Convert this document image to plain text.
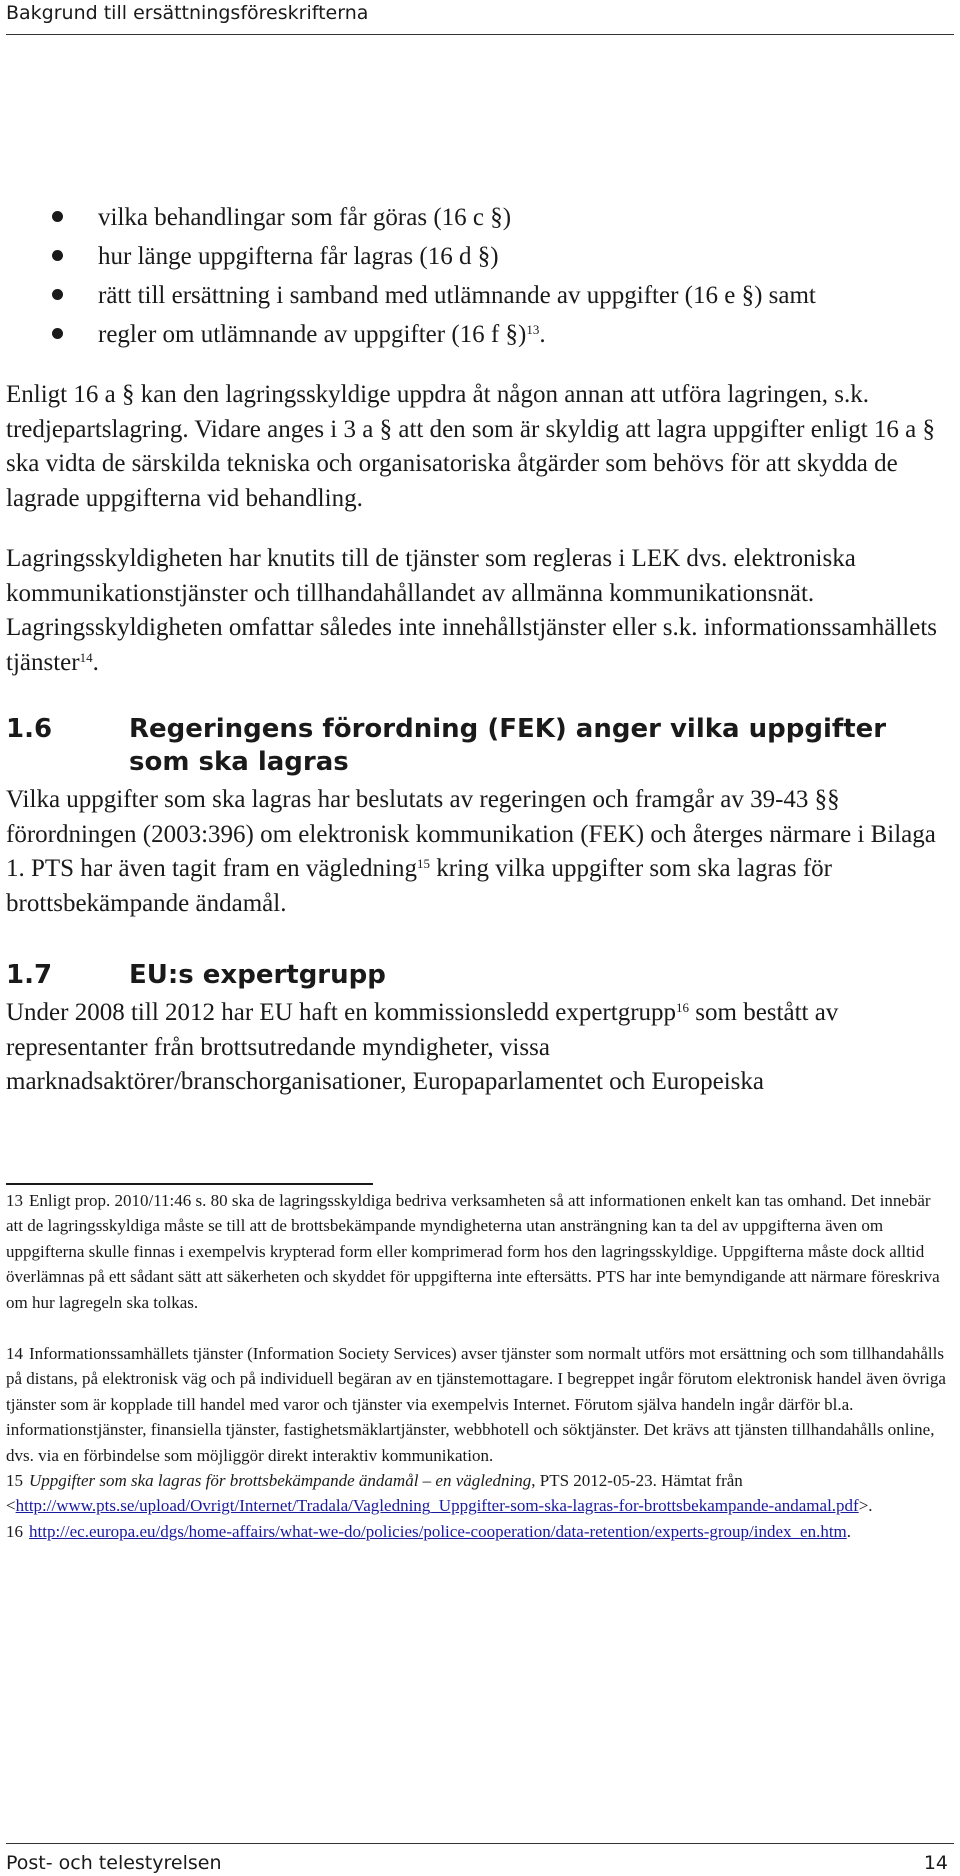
Bakgrund till ersättningsföreskrifterna
vilka behandlingar som får göras (16 c §)
hur länge uppgifterna får lagras (16 d §)
rätt till ersättning i samband med utlämnande av uppgifter (16 e §) samt
regler om utlämnande av uppgifter (16 f §)$^{13}$.

Enligt 16 a § kan den lagringsskyldige uppdra åt någon annan att utföra lagringen, s.k. tredjepartslagring. Vidare anges i 3 a § att den som är skyldig att lagra uppgifter enligt 16 a § ska vidta de särskilda tekniska och organisatoriska åtgärder som behövs för att skydda de lagrade uppgifterna vid behandling.

Lagringsskyldigheten har knutits till de tjänster som regleras i LEK dvs. elektroniska kommunikationstjänster och tillhandahållandet av allmänna kommunikationsnät. Lagringsskyldigheten omfattar således inte innehållstjänster eller s.k. informationssamhällets tjänster$^{14}$.

1.6	Regeringens förordning (FEK) anger vilka uppgifter som ska lagras

Vilka uppgifter som ska lagras har beslutats av regeringen och framgår av 39-43 §§ förordningen (2003:396) om elektronisk kommunikation (FEK) och återges närmare i Bilaga 1. PTS har även tagit fram en vägledning$^{15}$ kring vilka uppgifter som ska lagras för brottsbekämpande ändamål.

1.7	EU:s expertgrupp

Under 2008 till 2012 har EU haft en kommissionsledd expertgrupp$^{16}$ som bestått av representanter från brottsutredande myndigheter, vissa marknadsaktörer/branschorganisationer, Europaparlamentet och Europeiska

13 Enligt prop. 2010/11:46 s. 80 ska de lagringsskyldiga bedriva verksamheten så att informationen enkelt kan tas omhand. Det innebär att de lagringsskyldiga måste se till att de brottsbekämpande myndigheterna utan ansträngning kan ta del av uppgifterna även om uppgifterna skulle finnas i exempelvis krypterad form eller komprimerad form hos den lagringsskyldige. Uppgifterna måste dock alltid överlämnas på ett sådant sätt att säkerheten och skyddet för uppgifterna inte eftersätts. PTS har inte bemyndigande att närmare föreskriva om hur lagregeln ska tolkas.

14 Informationssamhällets tjänster (Information Society Services) avser tjänster som normalt utförs mot ersättning och som tillhandahålls på distans, på elektronisk väg och på individuell begäran av en tjänstemottagare. I begreppet ingår förutom elektronisk handel även övriga tjänster som är kopplade till handel med varor och tjänster via exempelvis Internet. Förutom själva handeln ingår därför bl.a. informationstjänster, finansiella tjänster, fastighetsmäklartjänster, webbhotell och söktjänster. Det krävs att tjänsten tillhandahålls online, dvs. via en förbindelse som möjliggör direkt interaktiv kommunikation.

15 Uppgifter som ska lagras för brottsbekämpande ändamål – en vägledning, PTS 2012-05-23. Hämtat från <http://www.pts.se/upload/Ovrigt/Internet/Tradala/Vagledning_Uppgifter-som-ska-lagras-for-brottsbekampande-andamal.pdf>.

16 http://ec.europa.eu/dgs/home-affairs/what-we-do/policies/police-cooperation/data-retention/experts-group/index_en.htm.

Post- och telestyrelsen	14
